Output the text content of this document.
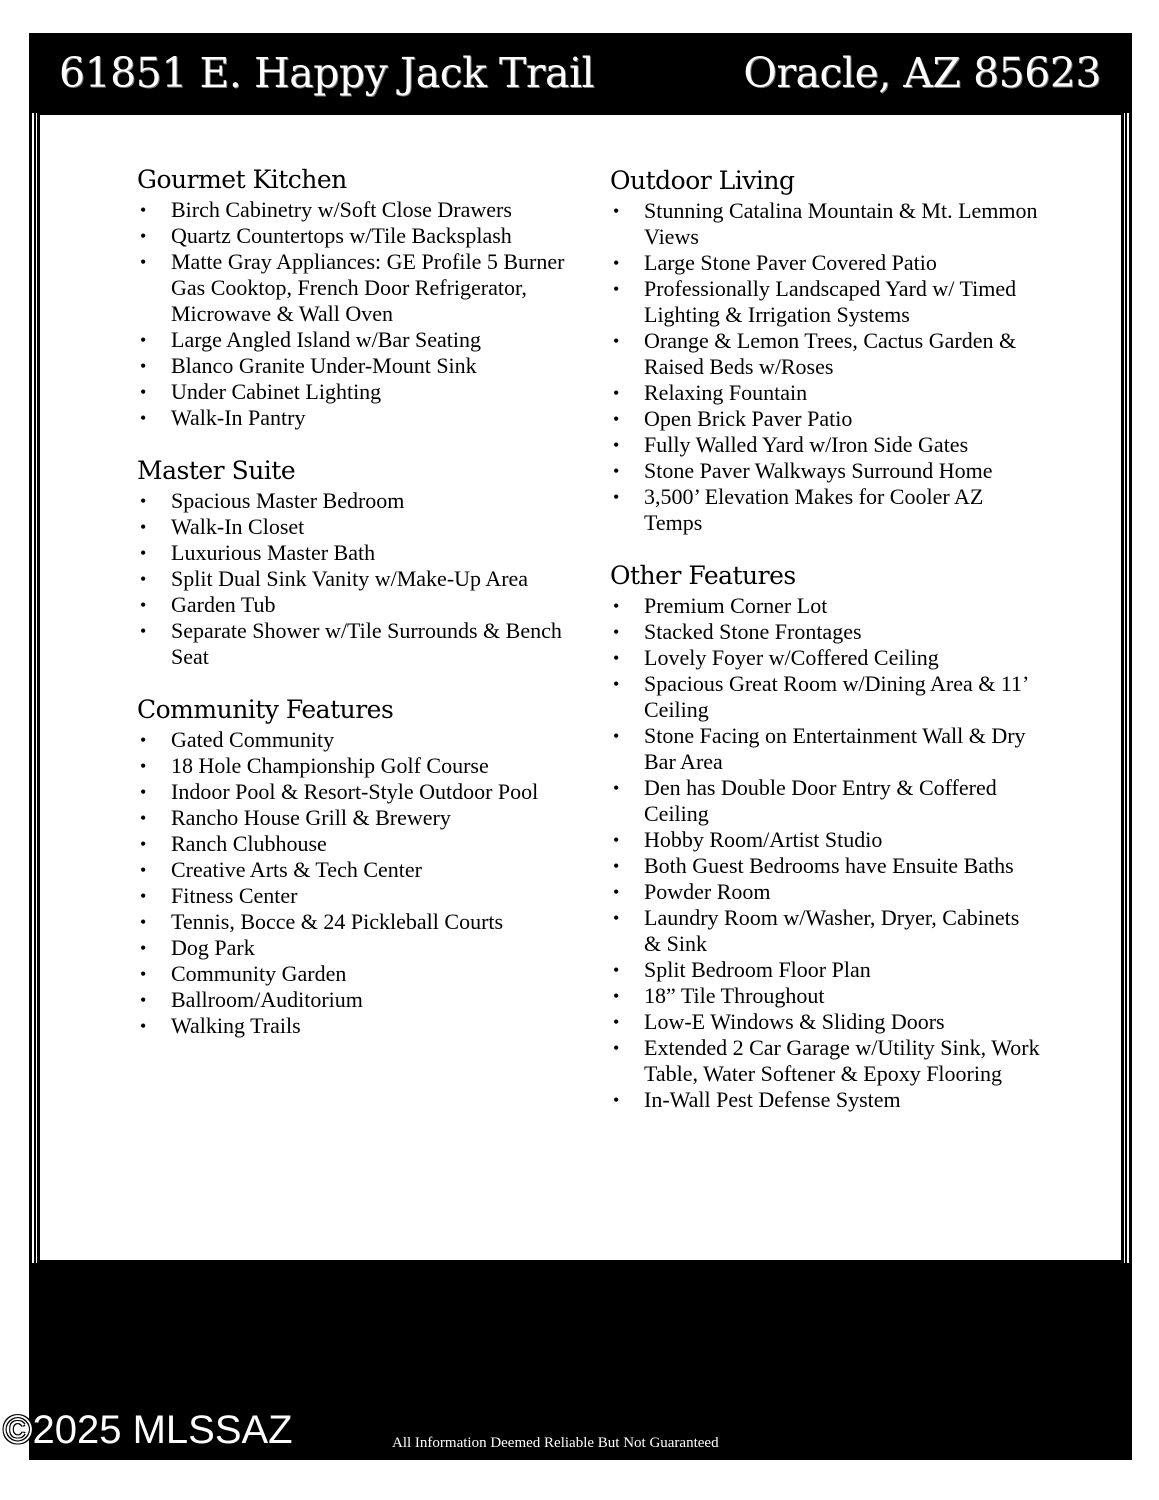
61851 E. Happy Jack Trail	Oracle, AZ 85623
Gourmet Kitchen
• Birch Cabinetry w/Soft Close Drawers
• Quartz Countertops w/Tile Backsplash
• Matte Gray Appliances: GE Profile 5 Burner Gas Cooktop, French Door Refrigerator, Microwave & Wall Oven
• Large Angled Island w/Bar Seating
• Blanco Granite Under-Mount Sink
• Under Cabinet Lighting
• Walk-In Pantry
Master Suite
• Spacious Master Bedroom
• Walk-In Closet
• Luxurious Master Bath
• Split Dual Sink Vanity w/Make-Up Area
• Garden Tub
• Separate Shower w/Tile Surrounds & Bench Seat
Community Features
• Gated Community
• 18 Hole Championship Golf Course
• Indoor Pool & Resort-Style Outdoor Pool
• Rancho House Grill & Brewery
• Ranch Clubhouse
• Creative Arts & Tech Center
• Fitness Center
• Tennis, Bocce & 24 Pickleball Courts
• Dog Park
• Community Garden
• Ballroom/Auditorium
• Walking Trails
Outdoor Living
• Stunning Catalina Mountain & Mt. Lemmon Views
• Large Stone Paver Covered Patio
• Professionally Landscaped Yard w/ Timed Lighting & Irrigation Systems
• Orange & Lemon Trees, Cactus Garden & Raised Beds w/Roses
• Relaxing Fountain
• Open Brick Paver Patio
• Fully Walled Yard w/Iron Side Gates
• Stone Paver Walkways Surround Home
• 3,500’ Elevation Makes for Cooler AZ Temps
Other Features
• Premium Corner Lot
• Stacked Stone Frontages
• Lovely Foyer w/Coffered Ceiling
• Spacious Great Room w/Dining Area & 11’ Ceiling
• Stone Facing on Entertainment Wall & Dry Bar Area
• Den has Double Door Entry & Coffered Ceiling
• Hobby Room/Artist Studio
• Both Guest Bedrooms have Ensuite Baths
• Powder Room
• Laundry Room w/Washer, Dryer, Cabinets & Sink
• Split Bedroom Floor Plan
• 18” Tile Throughout
• Low-E Windows & Sliding Doors
• Extended 2 Car Garage w/Utility Sink, Work Table, Water Softener & Epoxy Flooring
• In-Wall Pest Defense System
All Information Deemed Reliable But Not Guaranteed
©2025 MLSSAZ
